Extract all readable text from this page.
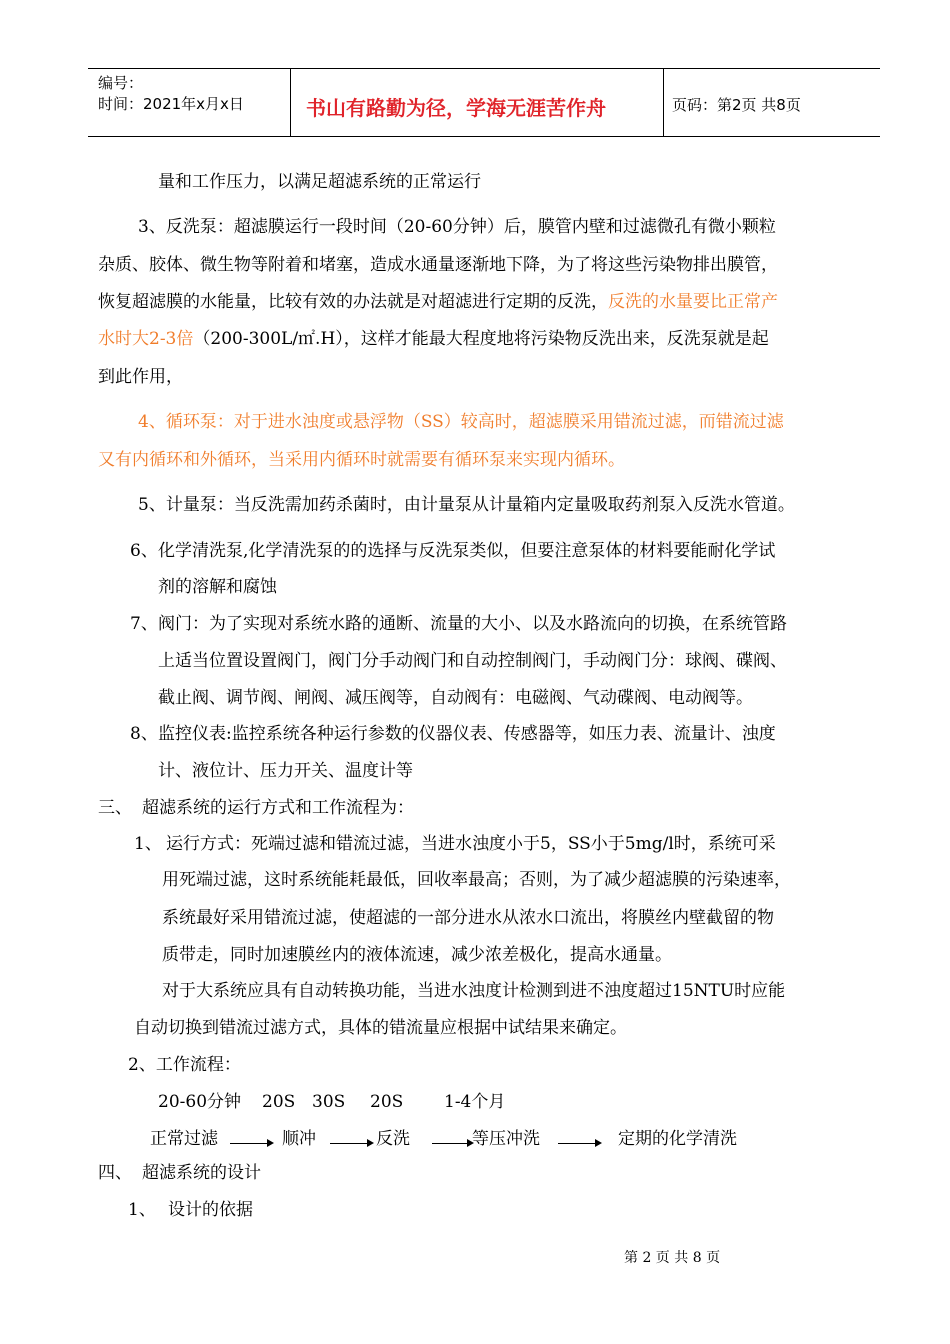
编号：
时间：2021年x月x日	书山有路勤为径，学海无涯苦作舟	页码：第2页 共8页
量和工作压力，以满足超滤系统的正常运行
3、反洗泵：超滤膜运行一段时间（20-60分钟）后，膜管内壁和过滤微孔有微小颗粒
杂质、胶体、微生物等附着和堵塞，造成水通量逐渐地下降，为了将这些污染物排出膜管，
恢复超滤膜的水能量，比较有效的办法就是对超滤进行定期的反洗，反洗的水量要比正常产
水时大2-3倍（200-300L/㎡.H），这样才能最大程度地将污染物反洗出来，反洗泵就是起
到此作用，
4、循环泵：对于进水浊度或悬浮物（SS）较高时，超滤膜采用错流过滤，而错流过滤
又有内循环和外循环，当采用内循环时就需要有循环泵来实现内循环。
5、计量泵：当反洗需加药杀菌时，由计量泵从计量箱内定量吸取药剂泵入反洗水管道。
6、 化学清洗泵,化学清洗泵的的选择与反洗泵类似，但要注意泵体的材料要能耐化学试
剂的溶解和腐蚀
7、 阀门：为了实现对系统水路的通断、流量的大小、以及水路流向的切换，在系统管路
上适当位置设置阀门，阀门分手动阀门和自动控制阀门，手动阀门分：球阀、碟阀、
截止阀、调节阀、闸阀、减压阀等，自动阀有：电磁阀、气动碟阀、电动阀等。
8、 监控仪表:监控系统各种运行参数的仪器仪表、传感器等，如压力表、流量计、浊度
计、液位计、压力开关、温度计等
三、 超滤系统的运行方式和工作流程为：
1、 运行方式：死端过滤和错流过滤，当进水浊度小于5，SS小于5mg/l时，系统可采
用死端过滤，这时系统能耗最低，回收率最高；否则，为了减少超滤膜的污染速率，
系统最好采用错流过滤，使超滤的一部分进水从浓水口流出，将膜丝内壁截留的物
质带走，同时加速膜丝内的液体流速，减少浓差极化，提高水通量。
对于大系统应具有自动转换功能，当进水浊度计检测到进不浊度超过15NTU时应能
自动切换到错流过滤方式，具体的错流量应根据中试结果来确定。
2、工作流程：
20-60分钟 20S 30S 20S 1-4个月
正常过滤	顺冲	反洗	等压冲洗	定期的化学清洗
四、 超滤系统的设计
1、 设计的依据
第 2 页 共 8 页
